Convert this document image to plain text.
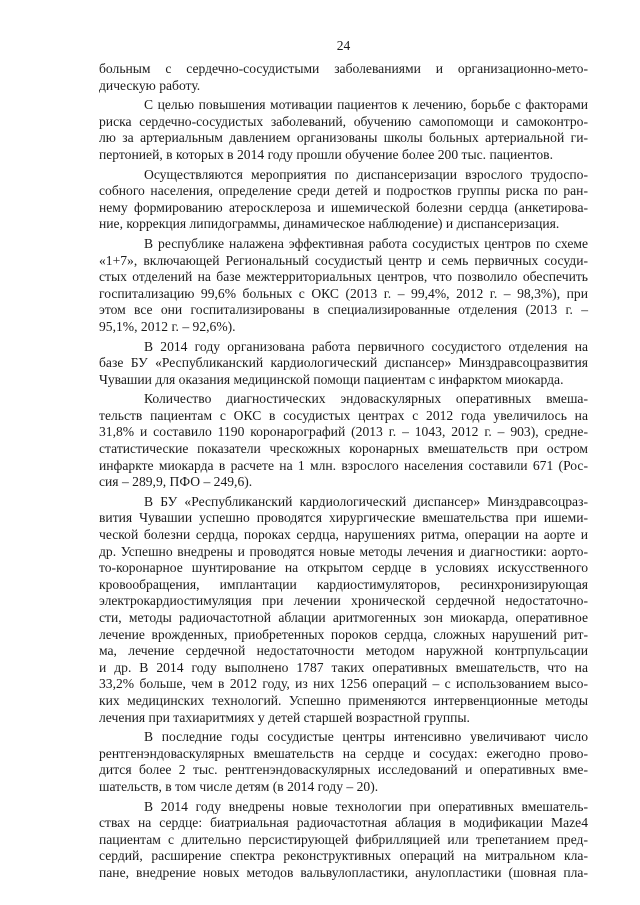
24
больным с сердечно-сосудистыми заболеваниями и организационно-мето-
дическую работу.
С целью повышения мотивации пациентов к лечению, борьбе с факторами
риска сердечно-сосудистых заболеваний, обучению самопомощи и самоконтро-
лю за артериальным давлением организованы школы больных артериальной ги-
пертонией, в которых в 2014 году прошли обучение более 200 тыс. пациентов.
Осуществляются мероприятия по диспансеризации взрослого трудоспо-
собного населения, определение среди детей и подростков группы риска по ран-
нему формированию атеросклероза и ишемической болезни сердца (анкетирова-
ние, коррекция липидограммы, динамическое наблюдение) и диспансеризация.
В республике налажена эффективная работа сосудистых центров по схеме
«1+7», включающей Региональный сосудистый центр и семь первичных сосуди-
стых отделений на базе межтерриториальных центров, что позволило обеспечить
госпитализацию 99,6% больных с ОКС (2013 г. – 99,4%, 2012 г. – 98,3%), при
этом все они госпитализированы в специализированные отделения (2013 г. –
95,1%, 2012 г. – 92,6%).
В 2014 году организована работа первичного сосудистого отделения на
базе БУ «Республиканский кардиологический диспансер» Минздравсоцразвития
Чувашии для оказания медицинской помощи пациентам с инфарктом миокарда.
Количество диагностических эндоваскулярных оперативных вмеша-
тельств пациентам с ОКС в сосудистых центрах с 2012 года увеличилось на
31,8% и составило 1190 коронарографий (2013 г. – 1043, 2012 г. – 903), средне-
статистические показатели чрескожных коронарных вмешательств при остром
инфаркте миокарда в расчете на 1 млн. взрослого населения составили 671 (Рос-
сия – 289,9, ПФО – 249,6).
В БУ «Республиканский кардиологический диспансер» Минздравсоцраз-
вития Чувашии успешно проводятся хирургические вмешательства при ишеми-
ческой болезни сердца, пороках сердца, нарушениях ритма, операции на аорте и
др. Успешно внедрены и проводятся новые методы лечения и диагностики: аорто-
то-коронарное шунтирование на открытом сердце в условиях искусственного
кровообращения, имплантации кардиостимуляторов, ресинхронизирующая
электрокардиостимуляция при лечении хронической сердечной недостаточно-
сти, методы радиочастотной аблации аритмогенных зон миокарда, оперативное
лечение врожденных, приобретенных пороков сердца, сложных нарушений рит-
ма, лечение сердечной недостаточности методом наружной контрпульсации
и др. В 2014 году выполнено 1787 таких оперативных вмешательств, что на
33,2% больше, чем в 2012 году, из них 1256 операций – с использованием высо-
ких медицинских технологий. Успешно применяются интервенционные методы
лечения при тахиаритмиях у детей старшей возрастной группы.
В последние годы сосудистые центры интенсивно увеличивают число
рентгенэндоваскулярных вмешательств на сердце и сосудах: ежегодно прово-
дится более 2 тыс. рентгенэндоваскулярных исследований и оперативных вме-
шательств, в том числе детям (в 2014 году – 20).
В 2014 году внедрены новые технологии при оперативных вмешатель-
ствах на сердце: биатриальная радиочастотная аблация в модификации Maze4
пациентам с длительно персистирующей фибрилляцией или трепетанием пред-
сердий, расширение спектра реконструктивных операций на митральном кла-
пане, внедрение новых методов вальвулопластики, анулопластики (шовная пла-
